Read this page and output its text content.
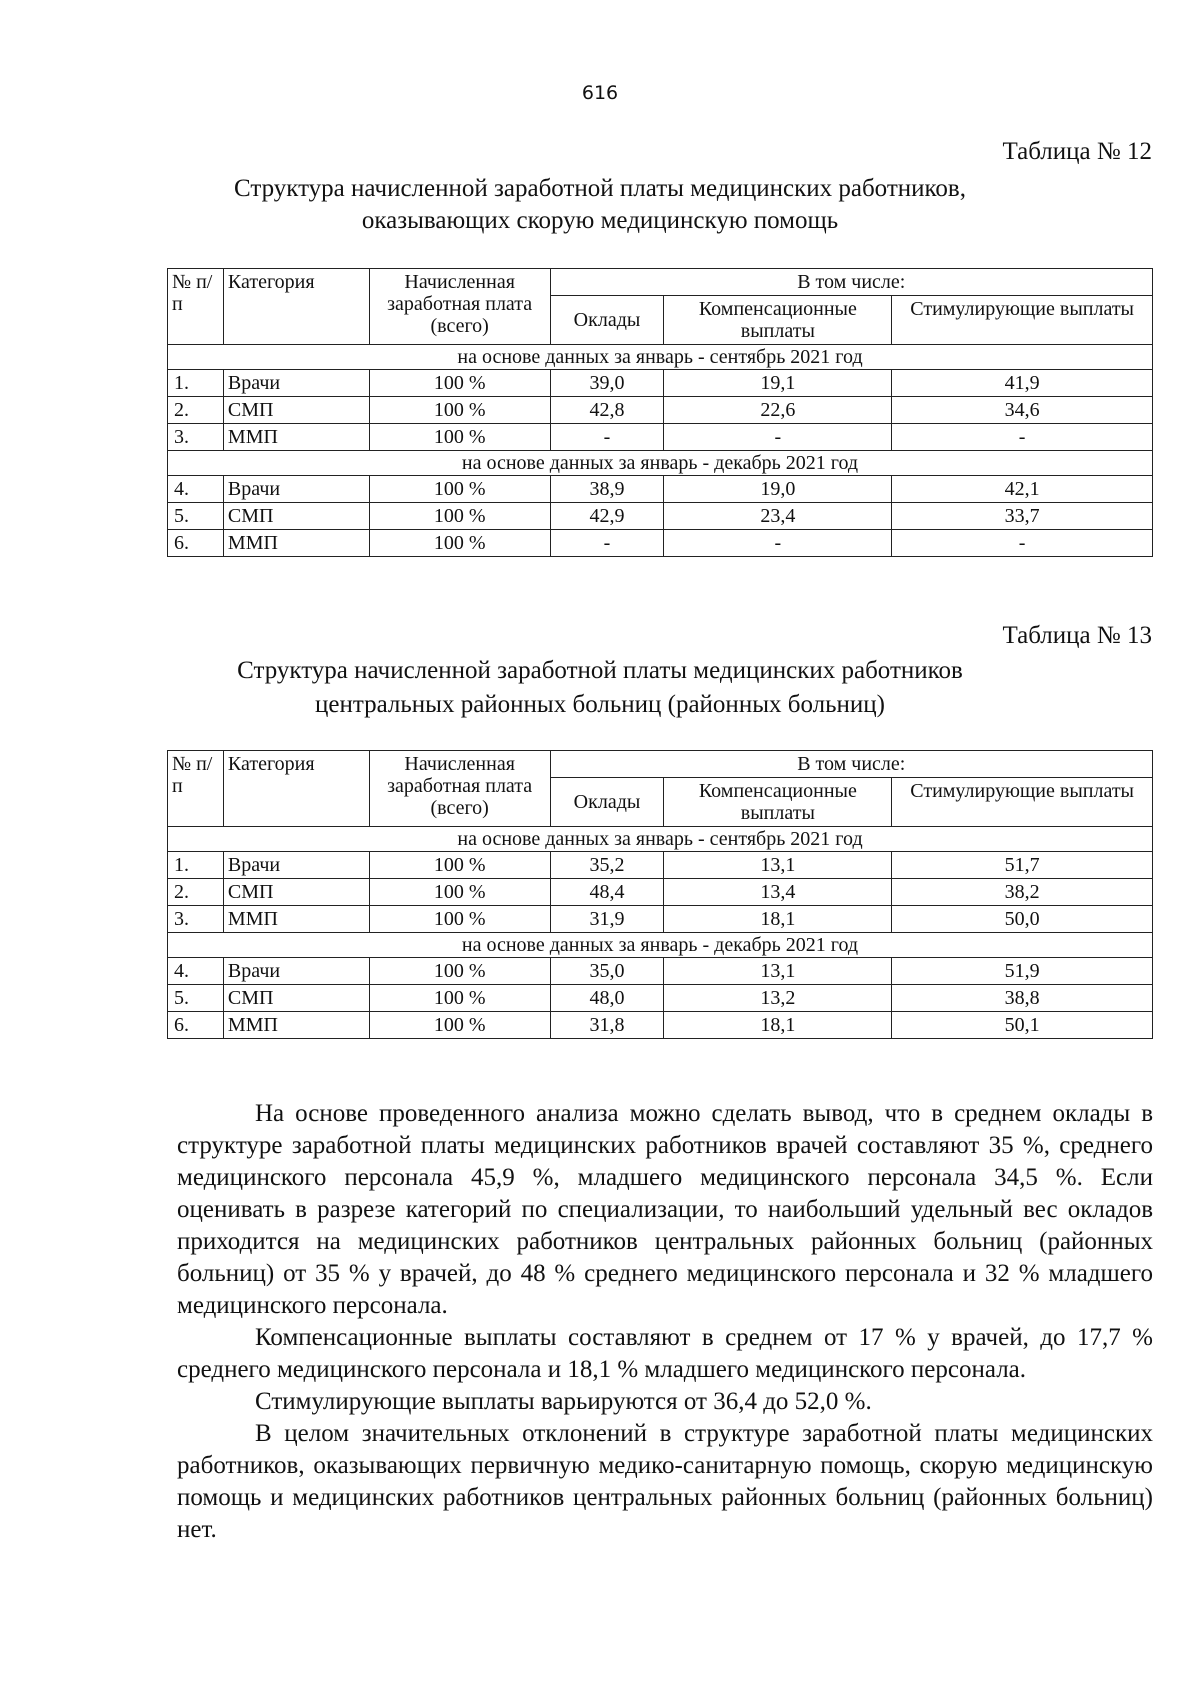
616
Таблица № 12
Структура начисленной заработной платы медицинских работников,
оказывающих скорую медицинскую помощь
№ п/п	Категория	Начисленная заработная плата (всего)	В том числе:		
			Оклады	Компенсационные выплаты	Стимулирующие выплаты
на основе данных за январь - сентябрь 2021 год					
1.	Врачи	100 %	39,0	19,1	41,9
2.	СМП	100 %	42,8	22,6	34,6
3.	ММП	100 %	-	-	-
на основе данных за январь - декабрь 2021 год					
4.	Врачи	100 %	38,9	19,0	42,1
5.	СМП	100 %	42,9	23,4	33,7
6.	ММП	100 %	-	-	-
Таблица № 13
Структура начисленной заработной платы медицинских работников
центральных районных больниц (районных больниц)
№ п/п	Категория	Начисленная заработная плата (всего)	В том числе:		
			Оклады	Компенсационные выплаты	Стимулирующие выплаты
на основе данных за январь - сентябрь 2021 год					
1.	Врачи	100 %	35,2	13,1	51,7
2.	СМП	100 %	48,4	13,4	38,2
3.	ММП	100 %	31,9	18,1	50,0
на основе данных за январь - декабрь 2021 год					
4.	Врачи	100 %	35,0	13,1	51,9
5.	СМП	100 %	48,0	13,2	38,8
6.	ММП	100 %	31,8	18,1	50,1

На основе проведенного анализа можно сделать вывод, что в среднем оклады в структуре заработной платы медицинских работников врачей составляют 35 %, среднего медицинского персонала 45,9 %, младшего медицинского персонала 34,5 %. Если оценивать в разрезе категорий по специализации, то наибольший удельный вес окладов приходится на медицинских работников центральных районных больниц (районных больниц) от 35 % у врачей, до 48 % среднего медицинского персонала и 32 % младшего медицинского персонала.

Компенсационные выплаты составляют в среднем от 17 % у врачей, до 17,7 % среднего медицинского персонала и 18,1 % младшего медицинского персонала.

Стимулирующие выплаты варьируются от 36,4 до 52,0 %.

В целом значительных отклонений в структуре заработной платы медицинских работников, оказывающих первичную медико-санитарную помощь, скорую медицинскую помощь и медицинских работников центральных районных больниц (районных больниц) нет.
